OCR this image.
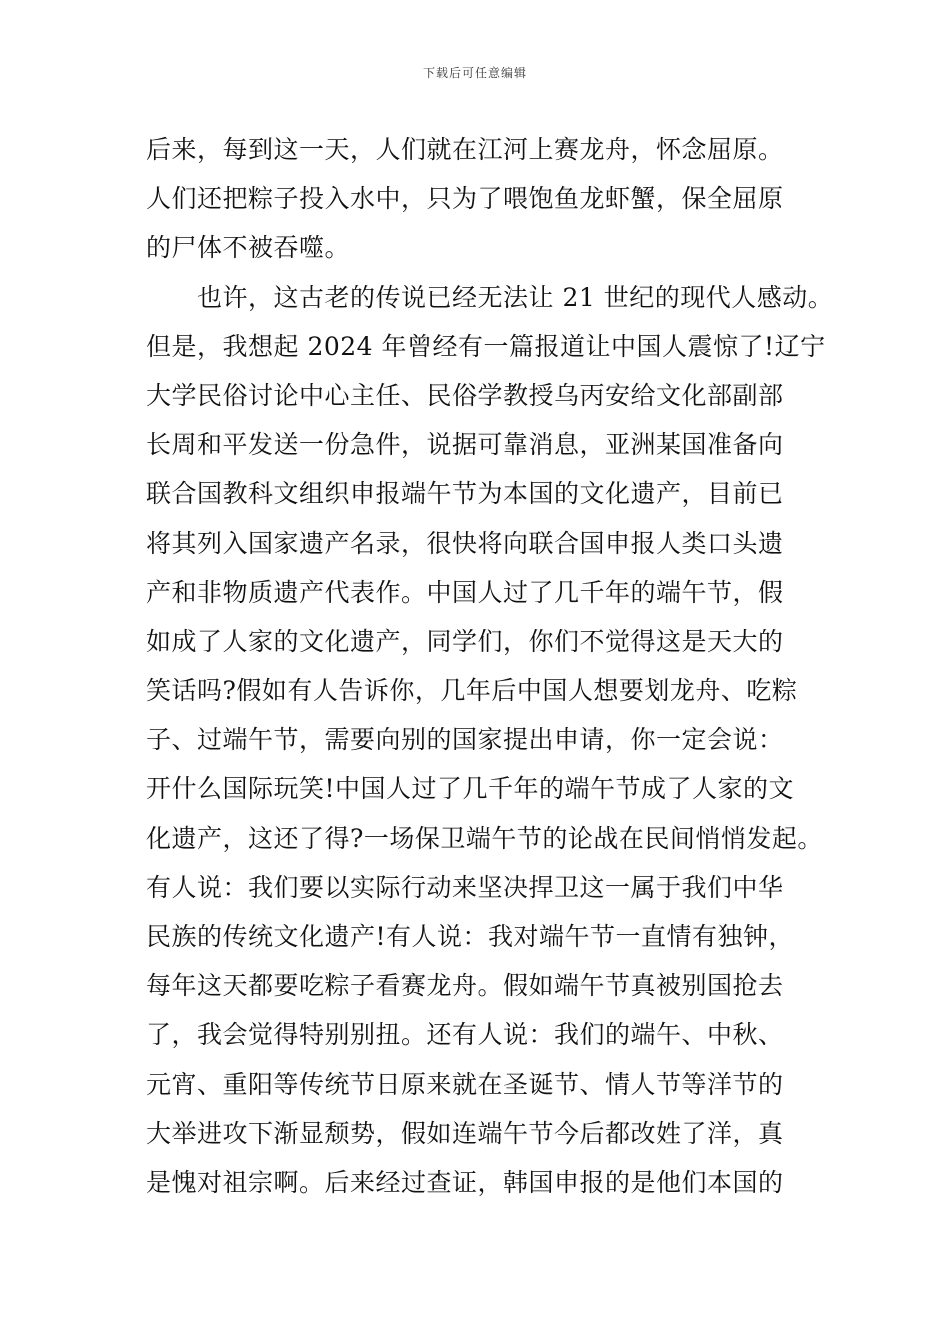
下载后可任意编辑
后来，每到这一天，人们就在江河上赛龙舟，怀念屈原。
人们还把粽子投入水中，只为了喂饱鱼龙虾蟹，保全屈原
的尸体不被吞噬。
　　也许，这古老的传说已经无法让 21 世纪的现代人感动。
但是，我想起 2024 年曾经有一篇报道让中国人震惊了!辽宁
大学民俗讨论中心主任、民俗学教授乌丙安给文化部副部
长周和平发送一份急件，说据可靠消息，亚洲某国准备向
联合国教科文组织申报端午节为本国的文化遗产，目前已
将其列入国家遗产名录，很快将向联合国申报人类口头遗
产和非物质遗产代表作。中国人过了几千年的端午节，假
如成了人家的文化遗产，同学们，你们不觉得这是天大的
笑话吗?假如有人告诉你，几年后中国人想要划龙舟、吃粽
子、过端午节，需要向别的国家提出申请，你一定会说：
开什么国际玩笑!中国人过了几千年的端午节成了人家的文
化遗产，这还了得?一场保卫端午节的论战在民间悄悄发起。
有人说：我们要以实际行动来坚决捍卫这一属于我们中华
民族的传统文化遗产!有人说：我对端午节一直情有独钟，
每年这天都要吃粽子看赛龙舟。假如端午节真被别国抢去
了，我会觉得特别别扭。还有人说：我们的端午、中秋、
元宵、重阳等传统节日原来就在圣诞节、情人节等洋节的
大举进攻下渐显颓势，假如连端午节今后都改姓了洋，真
是愧对祖宗啊。后来经过查证，韩国申报的是他们本国的
